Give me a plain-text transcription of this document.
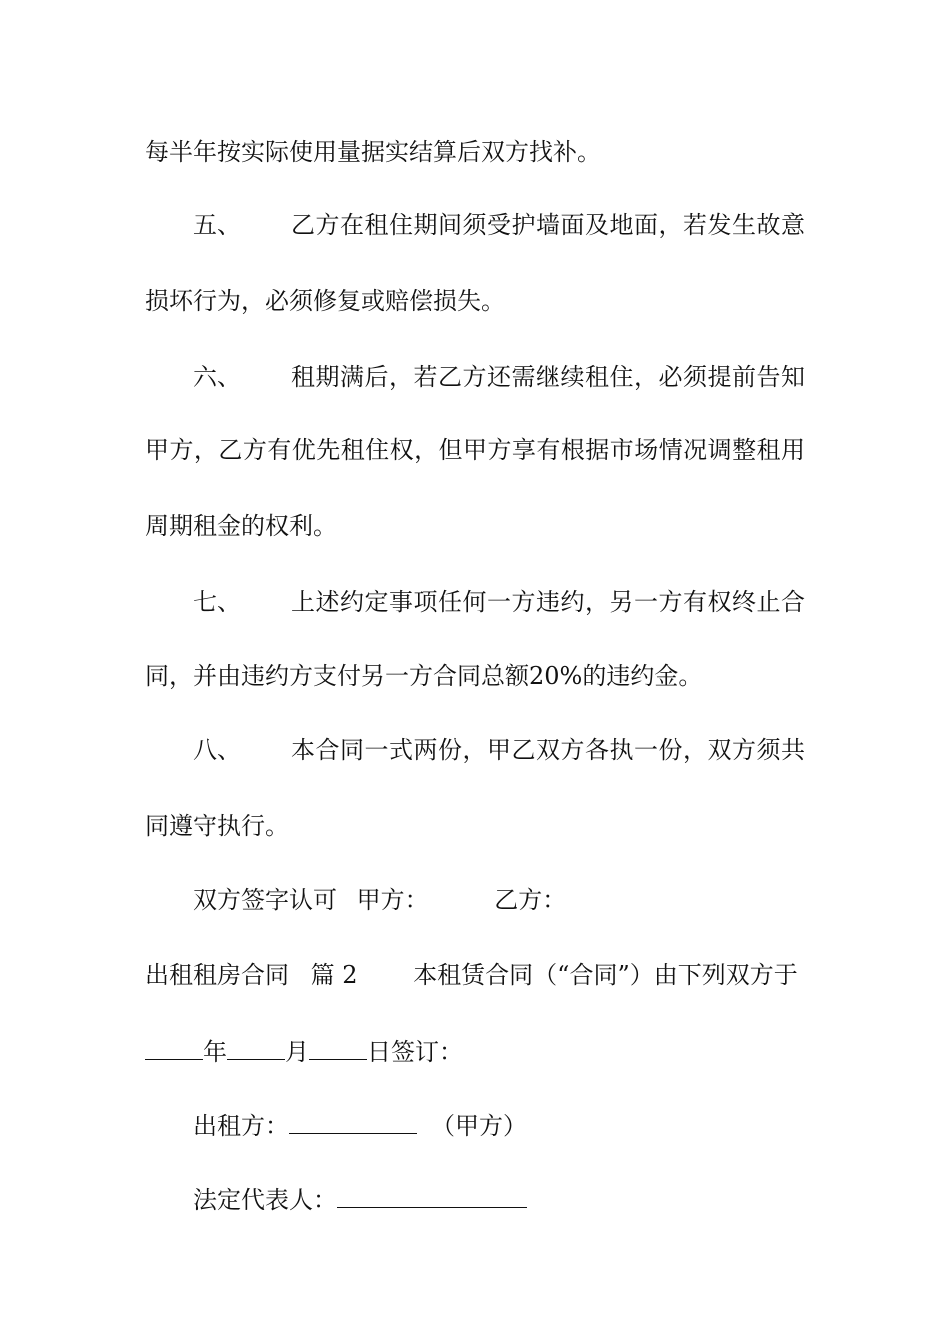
每半年按实际使用量据实结算后双方找补。
五、	乙方在租住期间须受护墙面及地面，若发生故意
损坏行为，必须修复或赔偿损失。
六、	租期满后，若乙方还需继续租住，必须提前告知
甲方，乙方有优先租住权，但甲方享有根据市场情况调整租用
周期租金的权利。
七、	上述约定事项任何一方违约，另一方有权终止合
同，并由违约方支付另一方合同总额20%的违约金。
八、	本合同一式两份，甲乙双方各执一份，双方须共
同遵守执行。
双方签字认可 甲方：	乙方：
出租租房合同 篇 2 本租赁合同（“合同”）由下列双方于
年 月 日签订：
出租方：	（甲方）
法定代表人：
